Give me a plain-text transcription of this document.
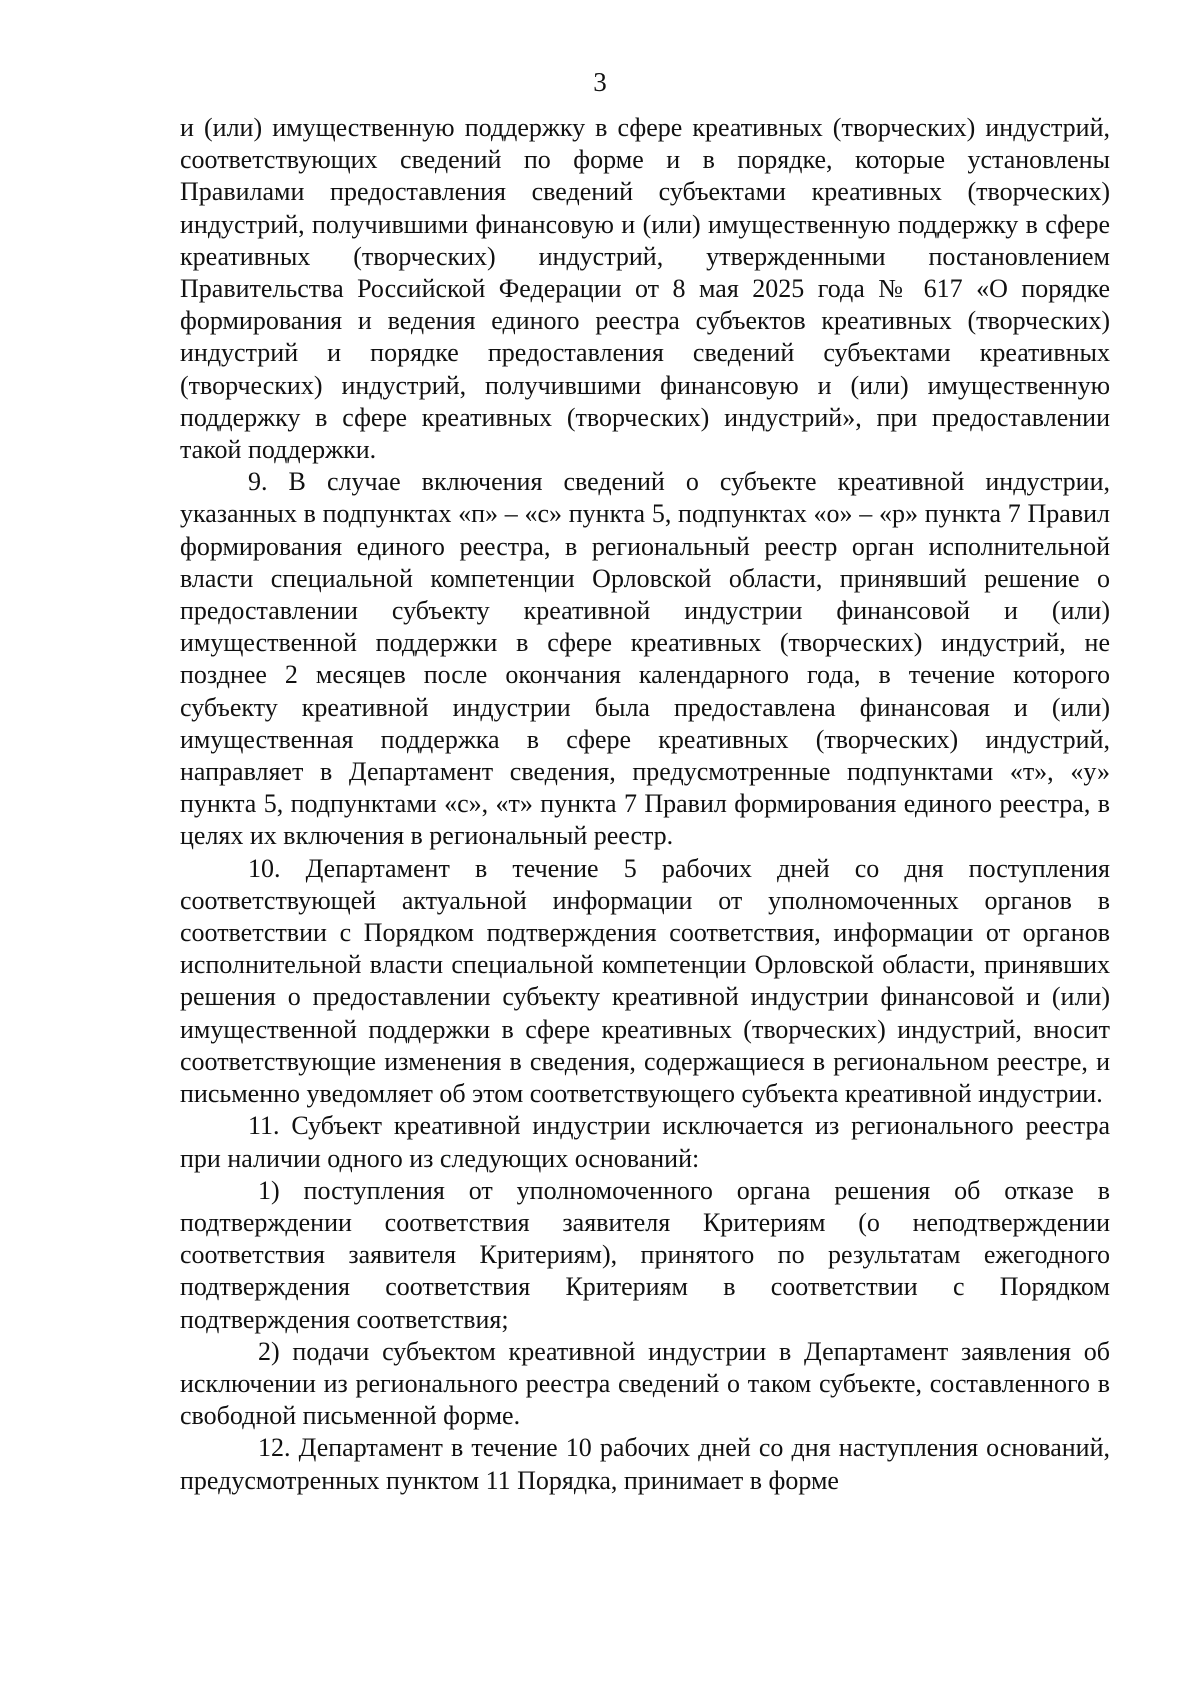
3

и (или) имущественную поддержку в сфере креативных (творческих) индустрий, соответствующих сведений по форме и в порядке, которые установлены Правилами предоставления сведений субъектами креативных (творческих) индустрий, получившими финансовую и (или) имущественную поддержку в сфере креативных (творческих) индустрий, утвержденными постановлением Правительства Российской Федерации от 8 мая 2025 года № 617 «О порядке формирования и ведения единого реестра субъектов креативных (творческих) индустрий и порядке предоставления сведений субъектами креативных (творческих) индустрий, получившими финансовую и (или) имущественную поддержку в сфере креативных (творческих) индустрий», при предоставлении такой поддержки.

9. В случае включения сведений о субъекте креативной индустрии, указанных в подпунктах «п» – «с» пункта 5, подпунктах «о» – «р» пункта 7 Правил формирования единого реестра, в региональный реестр орган исполнительной власти специальной компетенции Орловской области, принявший решение о предоставлении субъекту креативной индустрии финансовой и (или) имущественной поддержки в сфере креативных (творческих) индустрий, не позднее 2 месяцев после окончания календарного года, в течение которого субъекту креативной индустрии была предоставлена финансовая и (или) имущественная поддержка в сфере креативных (творческих) индустрий, направляет в Департамент сведения, предусмотренные подпунктами «т», «у» пункта 5, подпунктами «с», «т» пункта 7 Правил формирования единого реестра, в целях их включения в региональный реестр.

10. Департамент в течение 5 рабочих дней со дня поступления соответствующей актуальной информации от уполномоченных органов в соответствии с Порядком подтверждения соответствия, информации от органов исполнительной власти специальной компетенции Орловской области, принявших решения о предоставлении субъекту креативной индустрии финансовой и (или) имущественной поддержки в сфере креативных (творческих) индустрий, вносит соответствующие изменения в сведения, содержащиеся в региональном реестре, и письменно уведомляет об этом соответствующего субъекта креативной индустрии.

11. Субъект креативной индустрии исключается из регионального реестра при наличии одного из следующих оснований:

1) поступления от уполномоченного органа решения об отказе в подтверждении соответствия заявителя Критериям (о неподтверждении соответствия заявителя Критериям), принятого по результатам ежегодного подтверждения соответствия Критериям в соответствии с Порядком подтверждения соответствия;

2) подачи субъектом креативной индустрии в Департамент заявления об исключении из регионального реестра сведений о таком субъекте, составленного в свободной письменной форме.

12. Департамент в течение 10 рабочих дней со дня наступления оснований, предусмотренных пунктом 11 Порядка, принимает в форме
